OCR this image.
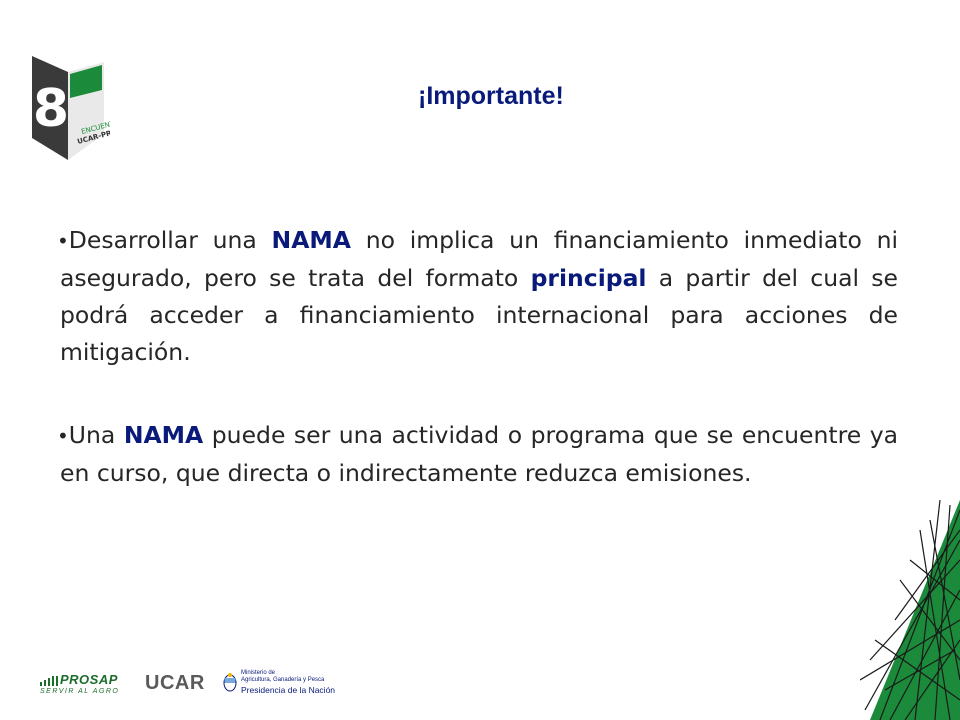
8 ENCUENTRO
UCAR-PROSAP
¡Importante!

•Desarrollar una NAMA no implica un financiamiento inmediato ni asegurado, pero se trata del formato principal a partir del cual se podrá acceder a financiamiento internacional para acciones de mitigación.

•Una NAMA puede ser una actividad o programa que se encuentre ya en curso, que directa o indirectamente reduzca emisiones.

PROSAP
SERVIR AL AGRO UCAR	Ministerio de
Agricultura, Ganadería y Pesca
Presidencia de la Nación
